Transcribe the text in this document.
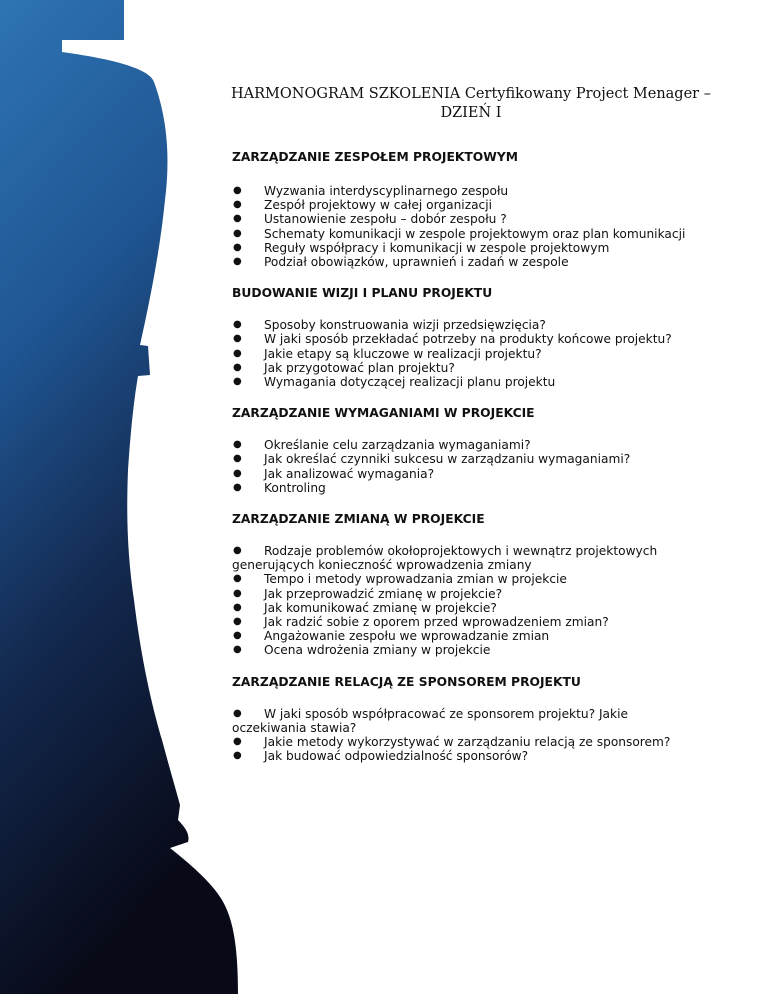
HARMONOGRAM SZKOLENIA Certyfikowany Project Menager –
DZIEŃ I
ZARZĄDZANIE ZESPOŁEM PROJEKTOWYM
● Wyzwania interdyscyplinarnego zespołu
● Zespół projektowy w całej organizacji
● Ustanowienie zespołu – dobór zespołu ?
● Schematy komunikacji w zespole projektowym oraz plan komunikacji
● Reguły współpracy i komunikacji w zespole projektowym
● Podział obowiązków, uprawnień i zadań w zespole
BUDOWANIE WIZJI I PLANU PROJEKTU
● Sposoby konstruowania wizji przedsięwzięcia?
● W jaki sposób przekładać potrzeby na produkty końcowe projektu?
● Jakie etapy są kluczowe w realizacji projektu?
● Jak przygotować plan projektu?
● Wymagania dotyczącej realizacji planu projektu
ZARZĄDZANIE WYMAGANIAMI W PROJEKCIE
● Określanie celu zarządzania wymaganiami?
● Jak określać czynniki sukcesu w zarządzaniu wymaganiami?
● Jak analizować wymagania?
● Kontroling
ZARZĄDZANIE ZMIANĄ W PROJEKCIE
● Rodzaje problemów okołoprojektowych i wewnątrz projektowych generujących konieczność wprowadzenia zmiany
● Tempo i metody wprowadzania zmian w projekcie
● Jak przeprowadzić zmianę w projekcie?
● Jak komunikować zmianę w projekcie?
● Jak radzić sobie z oporem przed wprowadzeniem zmian?
● Angażowanie zespołu we wprowadzanie zmian
● Ocena wdrożenia zmiany w projekcie
ZARZĄDZANIE RELACJĄ ZE SPONSOREM PROJEKTU
● W jaki sposób współpracować ze sponsorem projektu? Jakie oczekiwania stawia?
● Jakie metody wykorzystywać w zarządzaniu relacją ze sponsorem?
● Jak budować odpowiedzialność sponsorów?
